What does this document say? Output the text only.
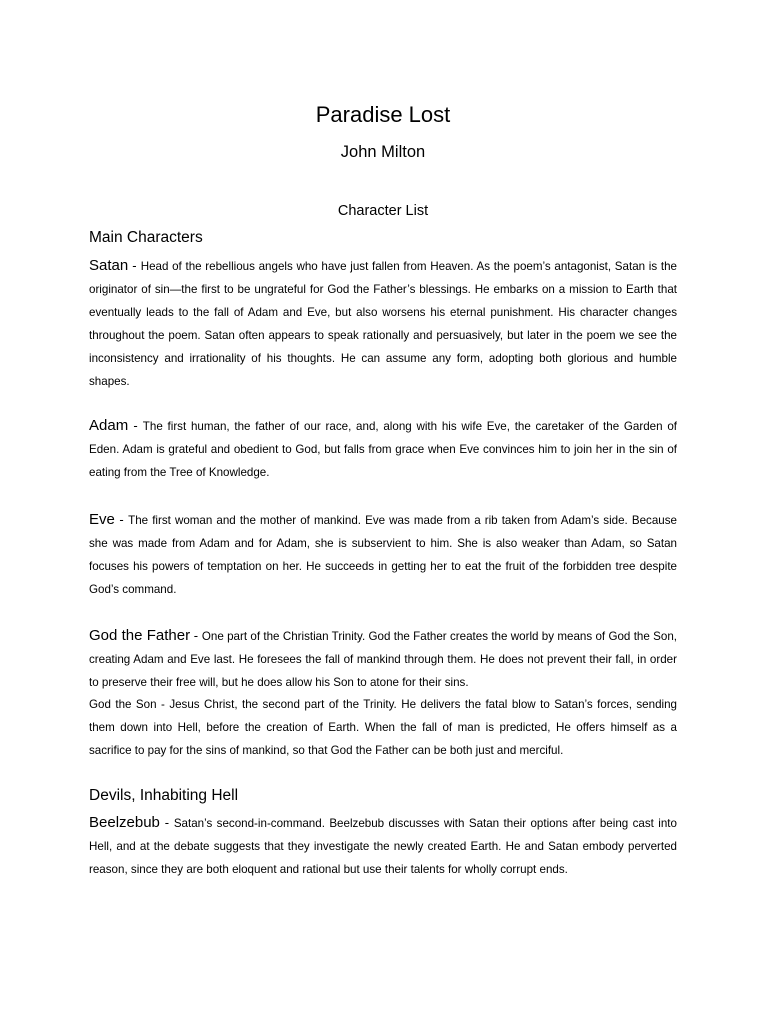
Paradise Lost
John Milton
Character List
Main Characters

Satan - Head of the rebellious angels who have just fallen from Heaven. As the poem’s antagonist, Satan is the originator of sin—the first to be ungrateful for God the Father’s blessings. He embarks on a mission to Earth that eventually leads to the fall of Adam and Eve, but also worsens his eternal punishment. His character changes throughout the poem. Satan often appears to speak rationally and persuasively, but later in the poem we see the inconsistency and irrationality of his thoughts. He can assume any form, adopting both glorious and humble shapes.

Adam - The first human, the father of our race, and, along with his wife Eve, the caretaker of the Garden of Eden. Adam is grateful and obedient to God, but falls from grace when Eve convinces him to join her in the sin of eating from the Tree of Knowledge.

Eve - The first woman and the mother of mankind. Eve was made from a rib taken from Adam’s side. Because she was made from Adam and for Adam, she is subservient to him. She is also weaker than Adam, so Satan focuses his powers of temptation on her. He succeeds in getting her to eat the fruit of the forbidden tree despite God’s command.

God the Father - One part of the Christian Trinity. God the Father creates the world by means of God the Son, creating Adam and Eve last. He foresees the fall of mankind through them. He does not prevent their fall, in order to preserve their free will, but he does allow his Son to atone for their sins.

God the Son - Jesus Christ, the second part of the Trinity. He delivers the fatal blow to Satan’s forces, sending them down into Hell, before the creation of Earth. When the fall of man is predicted, He offers himself as a sacrifice to pay for the sins of mankind, so that God the Father can be both just and merciful.

Devils, Inhabiting Hell

Beelzebub - Satan’s second-in-command. Beelzebub discusses with Satan their options after being cast into Hell, and at the debate suggests that they investigate the newly created Earth. He and Satan embody perverted reason, since they are both eloquent and rational but use their talents for wholly corrupt ends.
